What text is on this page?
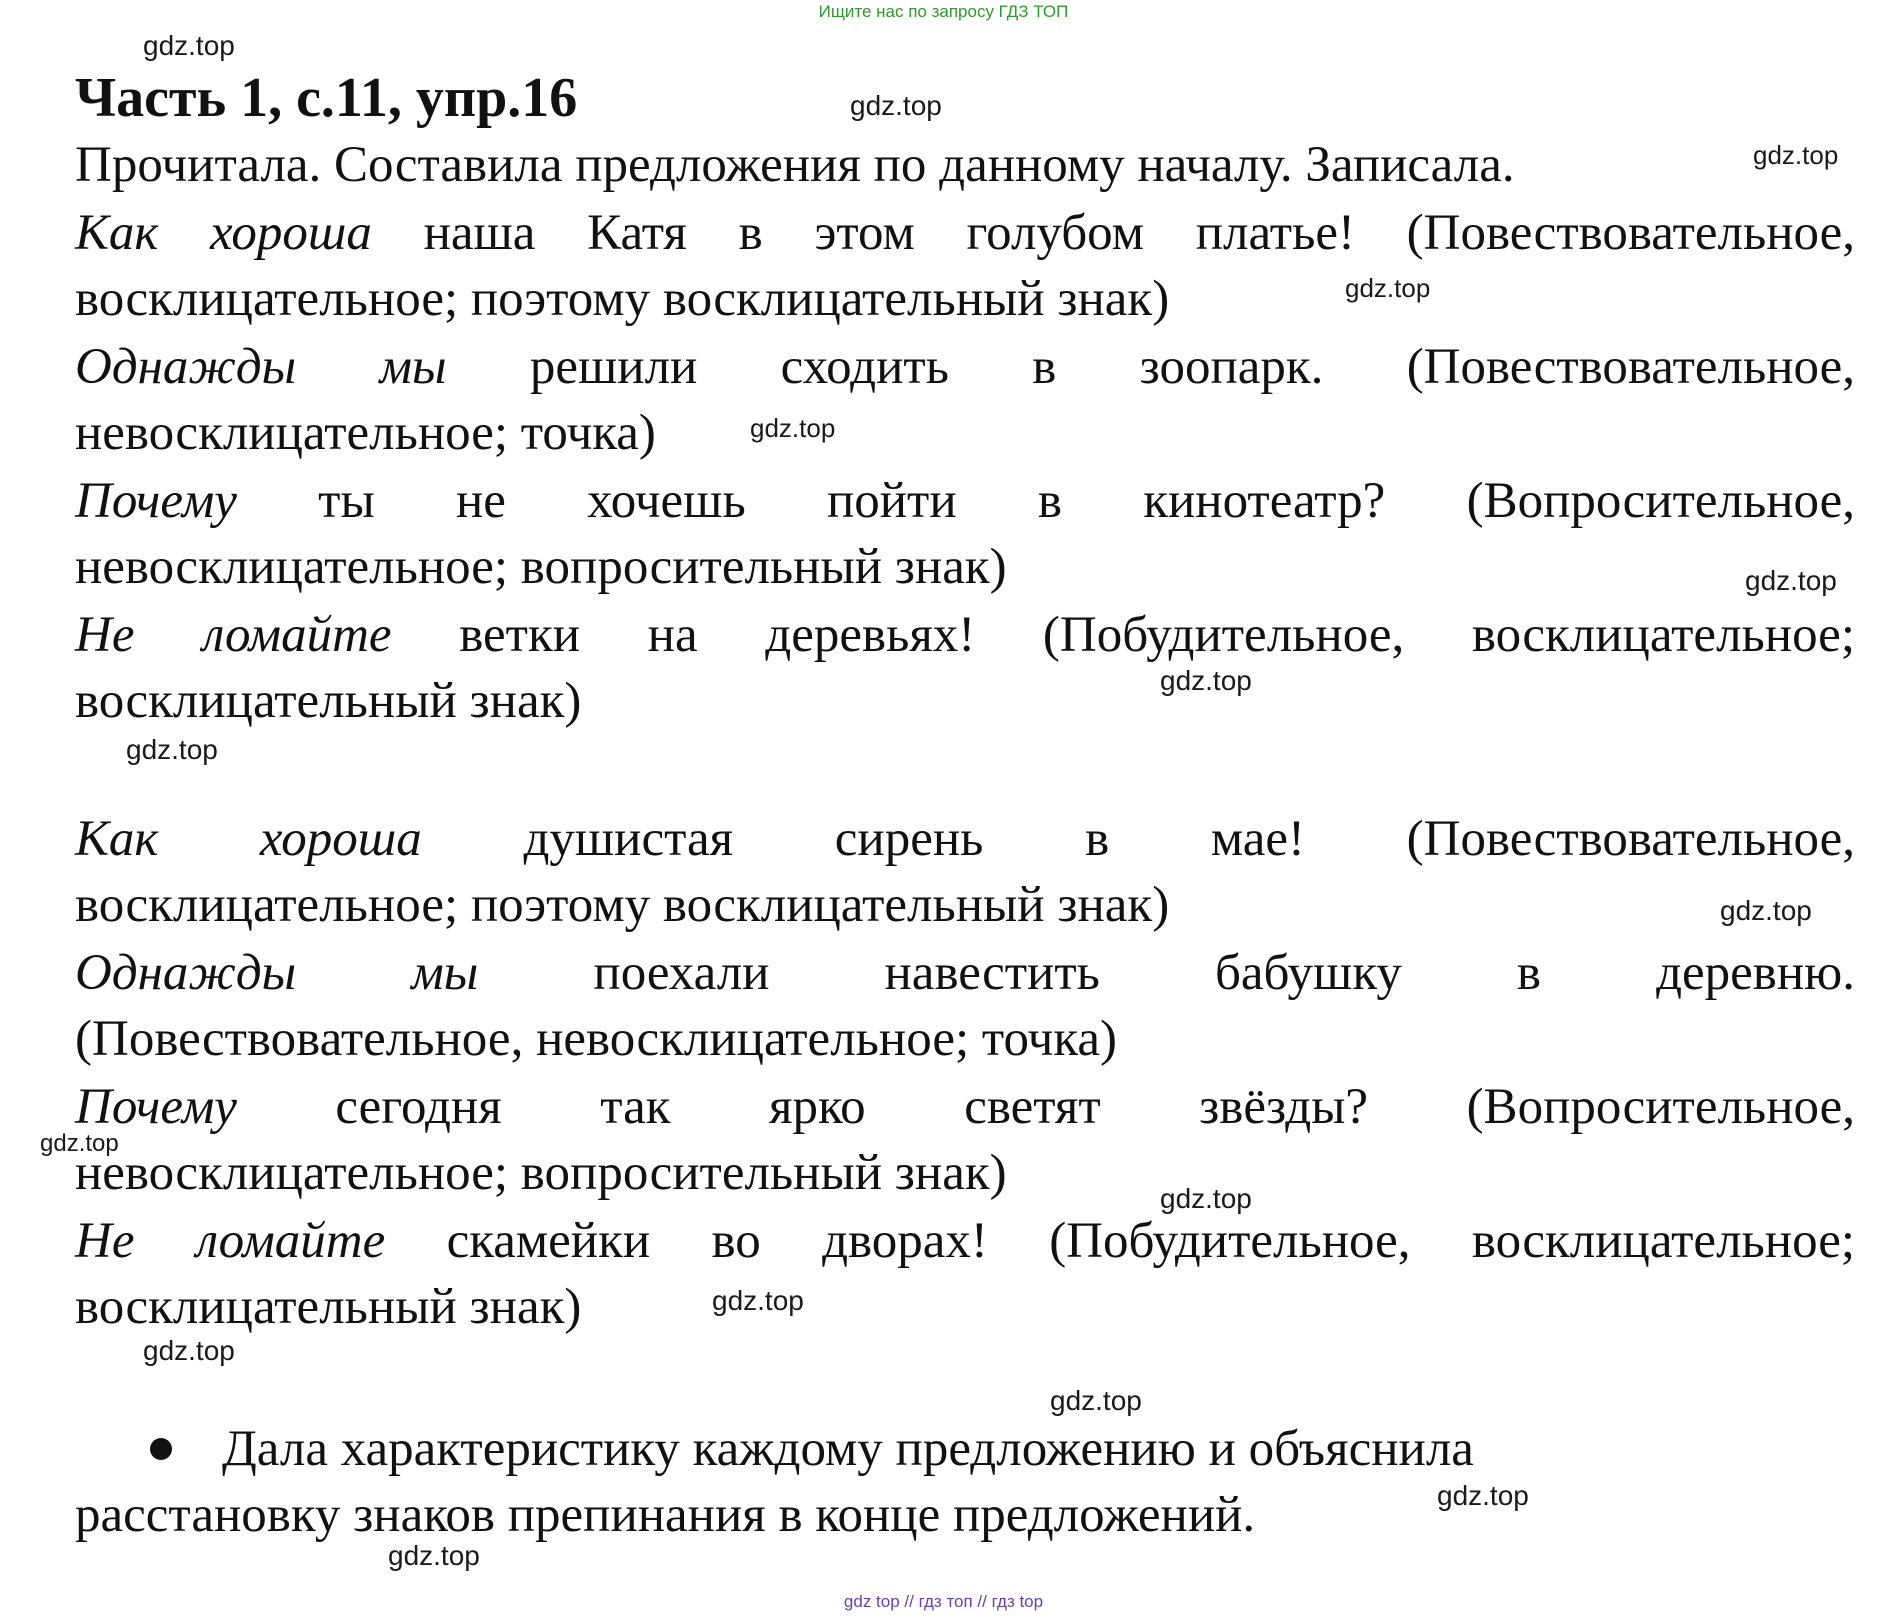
Ищите нас по запросу ГДЗ ТОП
gdz.top
gdz.top
gdz.top
gdz.top
gdz.top
gdz.top
gdz.top
gdz.top
gdz.top
gdz.top
gdz.top
gdz.top
gdz.top
gdz.top
gdz.top
gdz.top
Часть 1, с.11, упр.16
Прочитала. Составила предложения по данному началу. Записала.
Как хороша наша Катя в этом голубом платье! (Повествовательное,
восклицательное; поэтому восклицательный знак)
Однажды мы решили сходить в зоопарк. (Повествовательное,
невосклицательное; точка)
Почему ты не хочешь пойти в кинотеатр? (Вопросительное,
невосклицательное; вопросительный знак)
Не ломайте ветки на деревьях! (Побудительное, восклицательное;
восклицательный знак)
Как хороша душистая сирень в мае! (Повествовательное,
восклицательное; поэтому восклицательный знак)
Однажды мы поехали навестить бабушку в деревню.
(Повествовательное, невосклицательное; точка)
Почему сегодня так ярко светят звёзды? (Вопросительное,
невосклицательное; вопросительный знак)
Не ломайте скамейки во дворах! (Побудительное, восклицательное;
восклицательный знак)
Дала характеристику каждому предложению и объяснила
расстановку знаков препинания в конце предложений.
gdz top // гдз топ // гдз top
